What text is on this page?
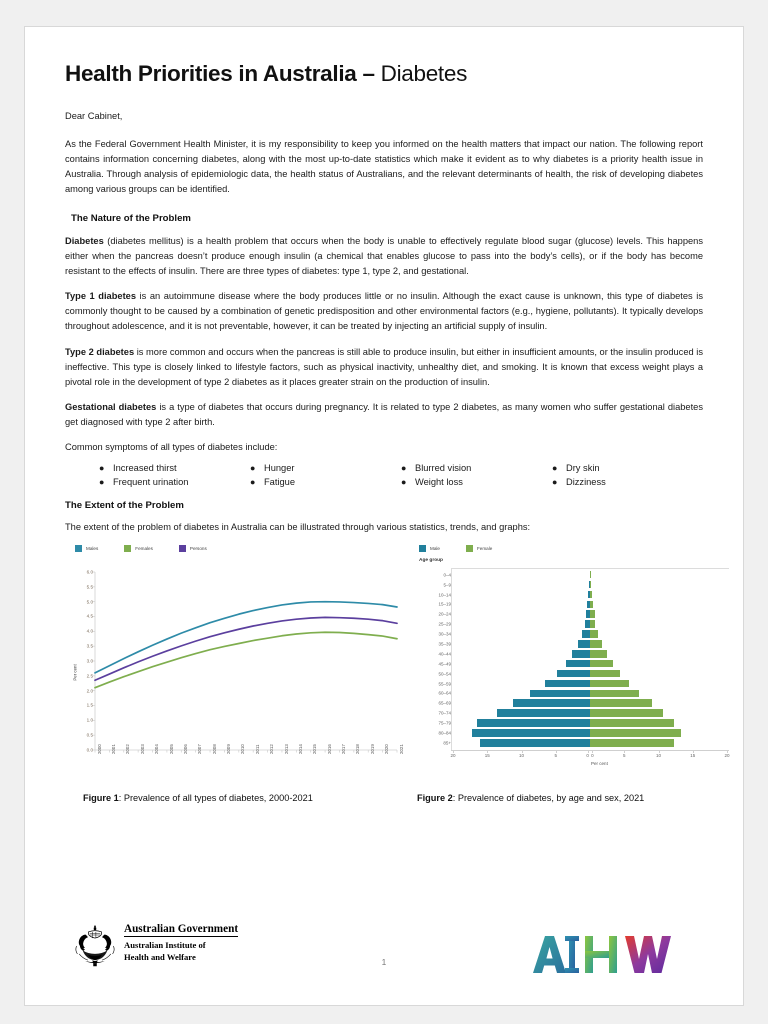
Health Priorities in Australia – Diabetes
Dear Cabinet,

As the Federal Government Health Minister, it is my responsibility to keep you informed on the health matters that impact our nation. The following report contains information concerning diabetes, along with the most up-to-date statistics which make it evident as to why diabetes is a priority health issue in Australia. Through analysis of epidemiologic data, the health status of Australians, and the relevant determinants of health, the risk of developing diabetes among various groups can be identified.

The Nature of the Problem

Diabetes (diabetes mellitus) is a health problem that occurs when the body is unable to effectively regulate blood sugar (glucose) levels. This happens either when the pancreas doesn’t produce enough insulin (a chemical that enables glucose to pass into the body’s cells), or if the body has become resistant to the effects of insulin. There are three types of diabetes: type 1, type 2, and gestational.

Type 1 diabetes is an autoimmune disease where the body produces little or no insulin. Although the exact cause is unknown, this type of diabetes is commonly thought to be caused by a combination of genetic predisposition and other environmental factors (e.g., hygiene, pollutants). It typically develops throughout adolescence, and it is not preventable, however, it can be treated by injecting an artificial supply of insulin.

Type 2 diabetes is more common and occurs when the pancreas is still able to produce insulin, but either in insufficient amounts, or the insulin produced is ineffective. This type is closely linked to lifestyle factors, such as physical inactivity, unhealthy diet, and smoking. It is known that excess weight plays a pivotal role in the development of type 2 diabetes as it places greater strain on the production of insulin.

Gestational diabetes is a type of diabetes that occurs during pregnancy. It is related to type 2 diabetes, as many women who suffer gestational diabetes get diagnosed with type 2 after birth.

Common symptoms of all types of diabetes include:

● Increased thirst
● Frequent urination
● Hunger
● Fatigue
● Blurred vision
● Weight loss
● Dry skin
● Dizziness
The Extent of the Problem

The extent of the problem of diabetes in Australia can be illustrated through various statistics, trends, and graphs:

Males	Females	Persons
Per cent
0.0
0.5
1.0
1.5
2.0
2.5
3.0
3.5
4.0
4.5
5.0
5.5
6.0
2000 2001 2002 2003 2004 2005 2006 2007 2008 2009 2010 2011 2012 2013 2014 2015 2016 2017 2018 2019 2020 2021
Male	Female
Age group
0–4
5–9
10–14
15–19
20–24
25–29
30–34
35–39
40–44
45–49
50–54
55–59
60–64
65–69
70–74
75–79
80–84
85+
20	15	10	5	0 0	5	10	15	20
Per cent
Figure 1: Prevalence of all types of diabetes, 2000-2021	Figure 2: Prevalence of diabetes, by age and sex, 2021
Australian Government
Australian Institute of
Health and Welfare
1
